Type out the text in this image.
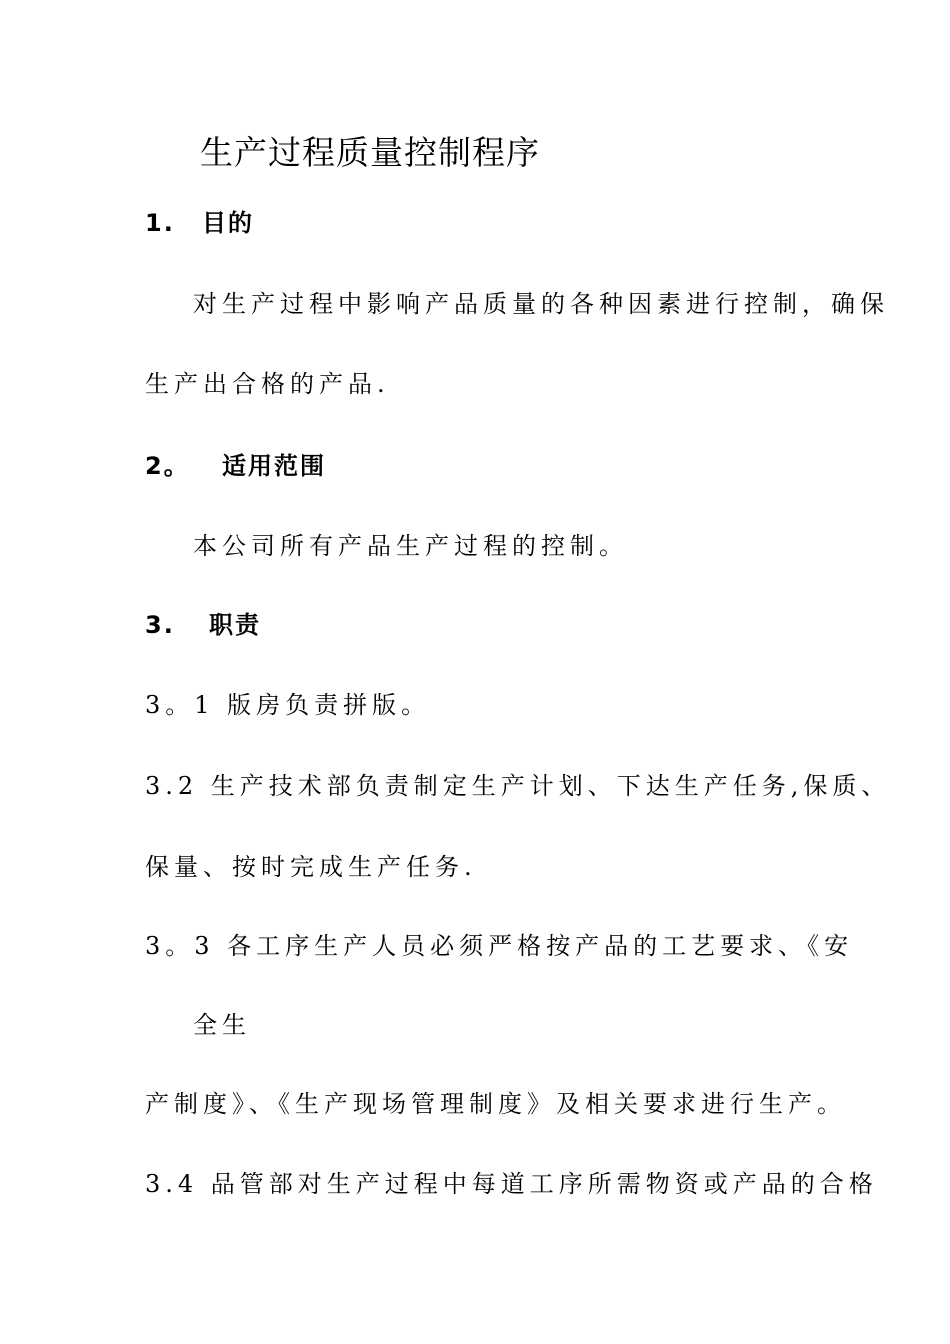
生产过程质量控制程序
1. 目的
对生产过程中影响产品质量的各种因素进行控制，确保
生产出合格的产品.
2。 适用范围
本公司所有产品生产过程的控制。
3. 职责
3。1 版房负责拼版。
3.2 生产技术部负责制定生产计划、下达生产任务,保质、
保量、按时完成生产任务.
3。3 各工序生产人员必须严格按产品的工艺要求、《安
全生
产制度》、《生产现场管理制度》及相关要求进行生产。
3.4 品管部对生产过程中每道工序所需物资或产品的合格
